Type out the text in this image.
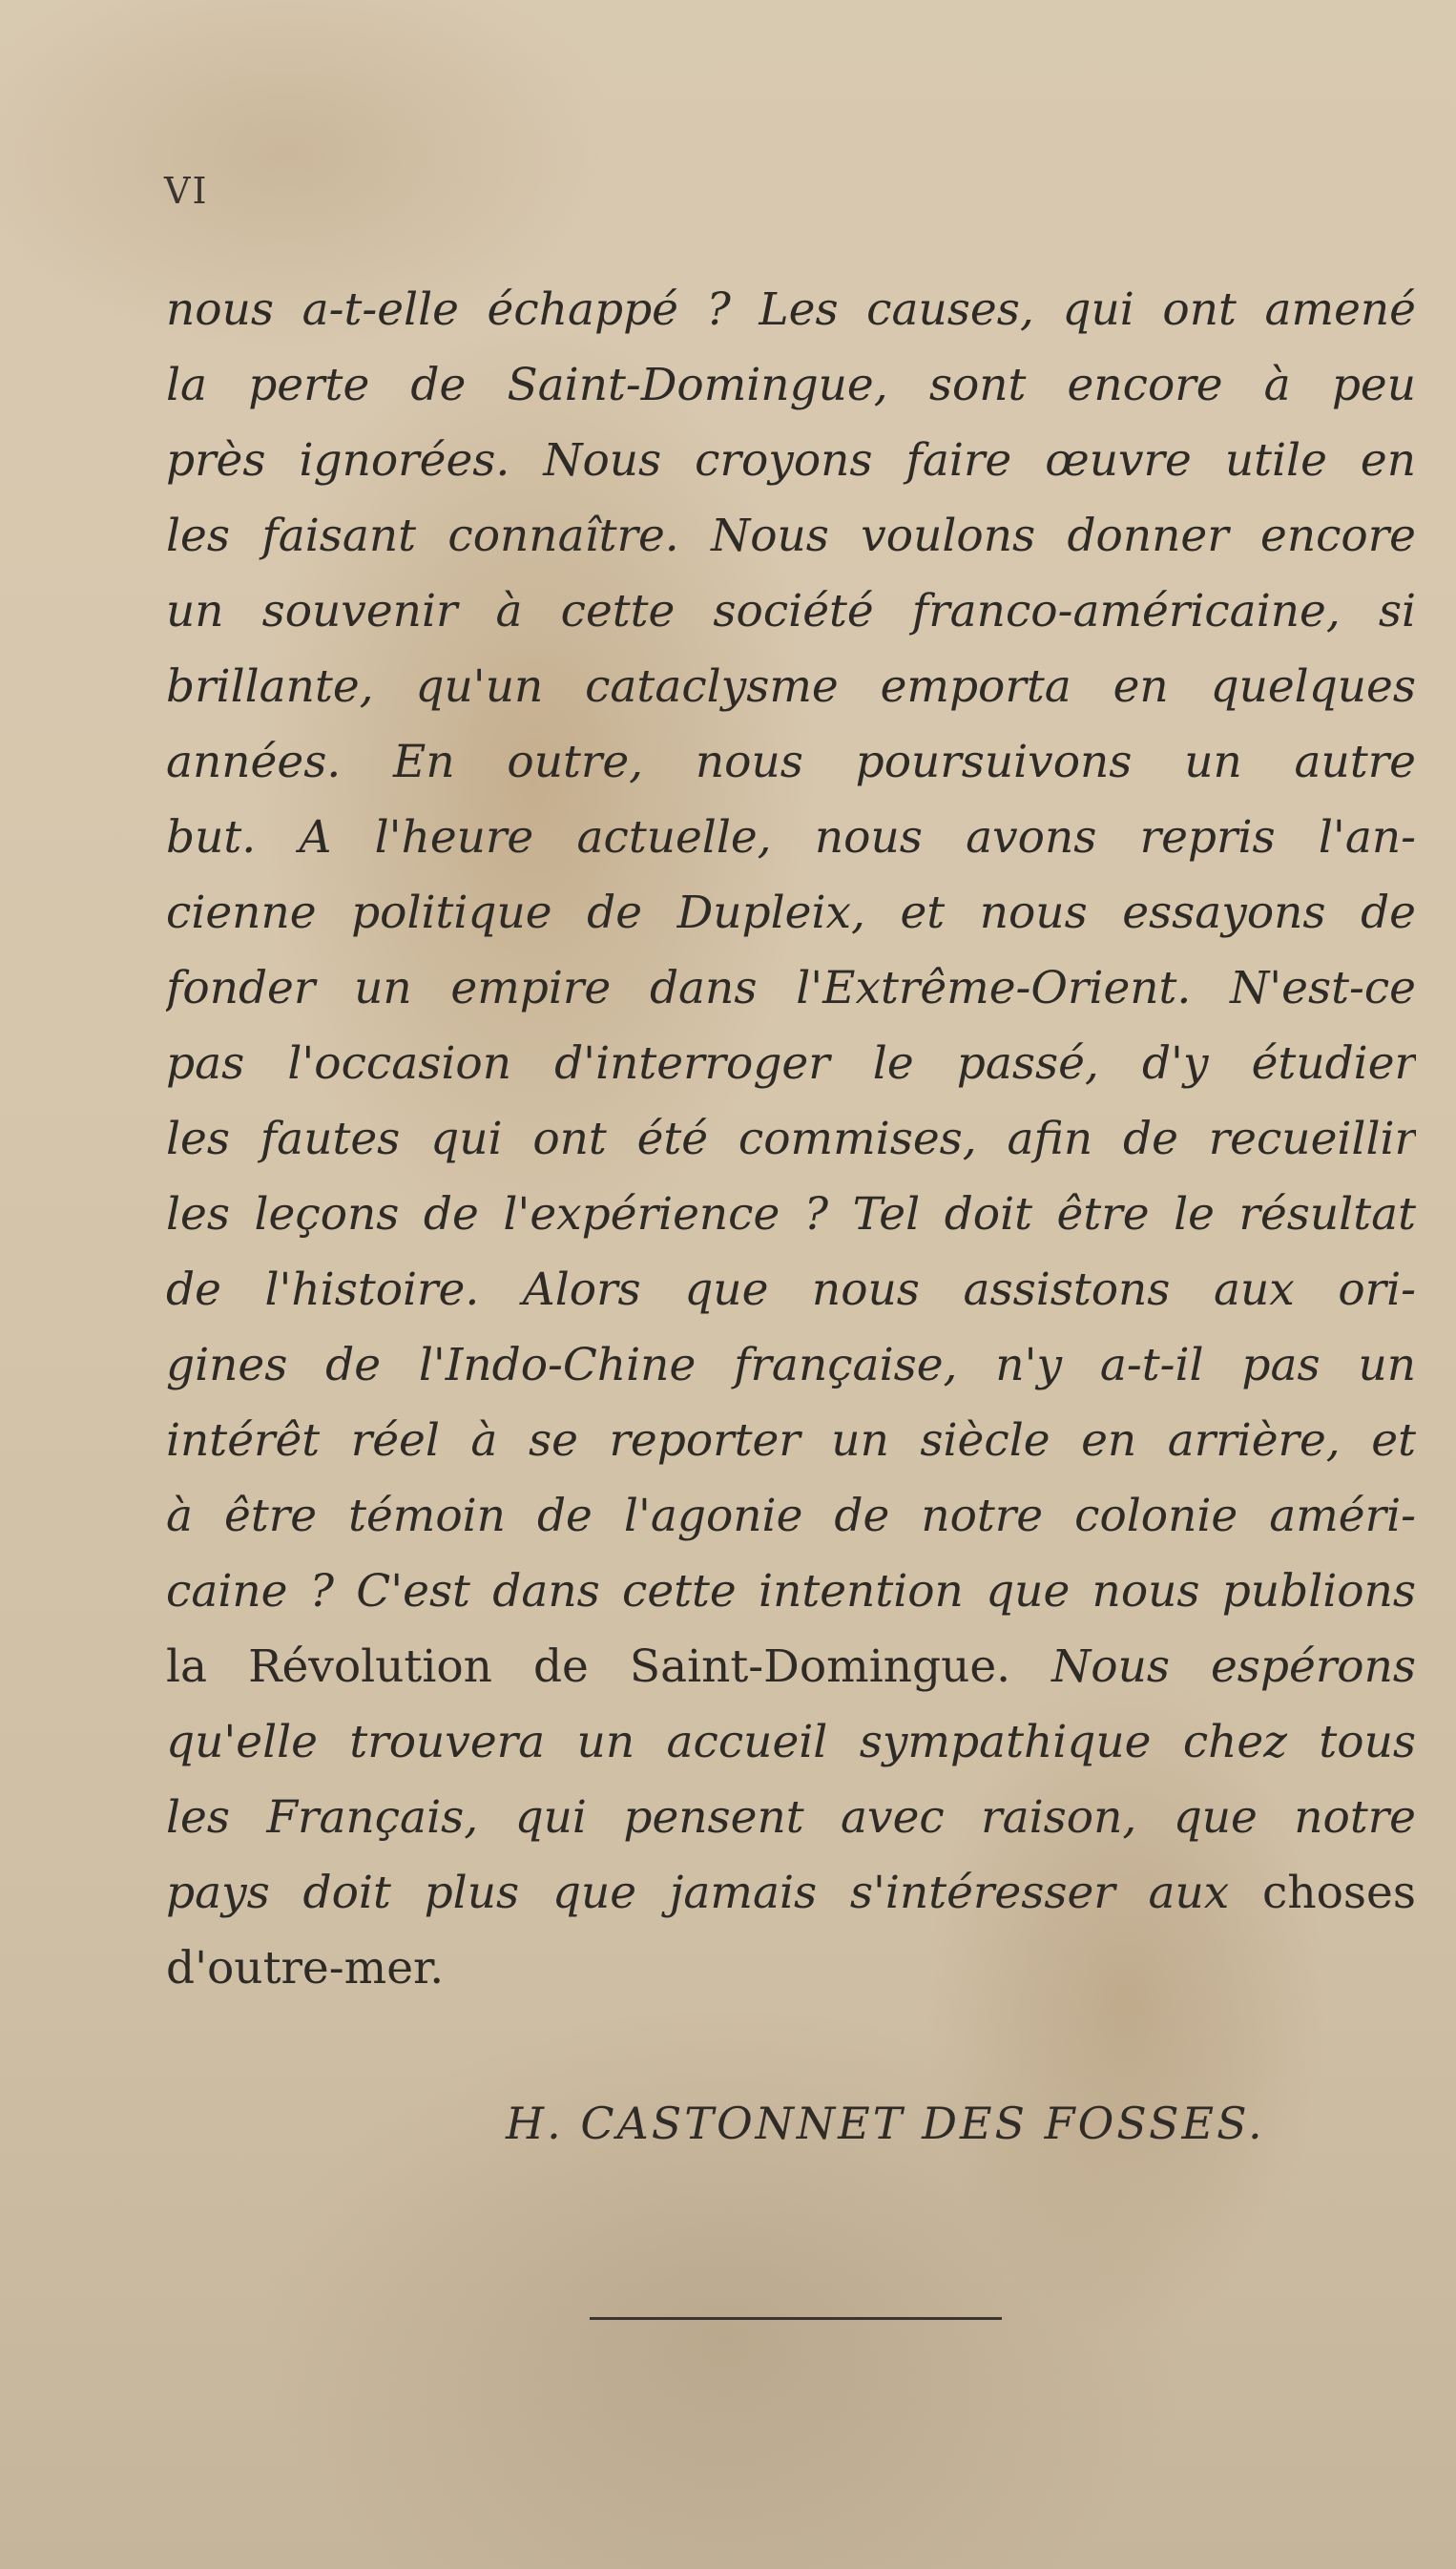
VI
nous a-t-elle échappé ? Les causes, qui ont amené
la perte de Saint-Domingue, sont encore à peu
près ignorées. Nous croyons faire œuvre utile en
les faisant connaître. Nous voulons donner encore
un souvenir à cette société franco-américaine, si
brillante, qu'un cataclysme emporta en quelques
années. En outre, nous poursuivons un autre
but. A l'heure actuelle, nous avons repris l'an-
cienne politique de Dupleix, et nous essayons de
fonder un empire dans l'Extrême-Orient. N'est-ce
pas l'occasion d'interroger le passé, d'y étudier
les fautes qui ont été commises, afin de recueillir
les leçons de l'expérience ? Tel doit être le résultat
de l'histoire. Alors que nous assistons aux ori-
gines de l'Indo-Chine française, n'y a-t-il pas un
intérêt réel à se reporter un siècle en arrière, et
à être témoin de l'agonie de notre colonie améri-
caine ? C'est dans cette intention que nous publions
la Révolution de Saint-Domingue. Nous espérons
qu'elle trouvera un accueil sympathique chez tous
les Français, qui pensent avec raison, que notre
pays doit plus que jamais s'intéresser aux choses
d'outre-mer.
H. CASTONNET DES FOSSES.
